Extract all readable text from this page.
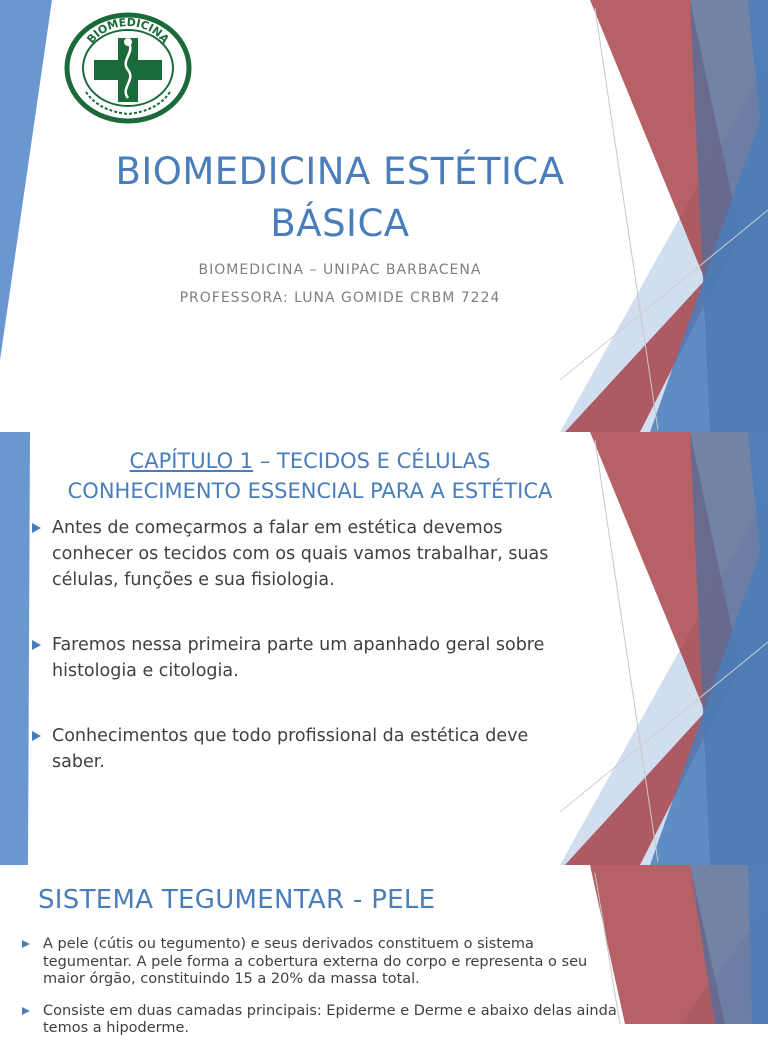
BIOMEDICINA
BIOMEDICINA ESTÉTICA
BÁSICA

BIOMEDICINA – UNIPAC BARBACENA

PROFESSORA: LUNA GOMIDE CRBM 7224

CAPÍTULO 1 – TECIDOS E CÉLULAS
CONHECIMENTO ESSENCIAL PARA A ESTÉTICA
Antes de começarmos a falar em estética devemos conhecer os tecidos com os quais vamos trabalhar, suas células, funções e sua fisiologia.
Faremos nessa primeira parte um apanhado geral sobre histologia e citologia.
Conhecimentos que todo profissional da estética deve saber.
SISTEMA TEGUMENTAR - PELE
A pele (cútis ou tegumento) e seus derivados constituem o sistema tegumentar. A pele forma a cobertura externa do corpo e representa o seu maior órgão, constituindo 15 a 20% da massa total.
Consiste em duas camadas principais: Epiderme e Derme e abaixo delas ainda temos a hipoderme.
